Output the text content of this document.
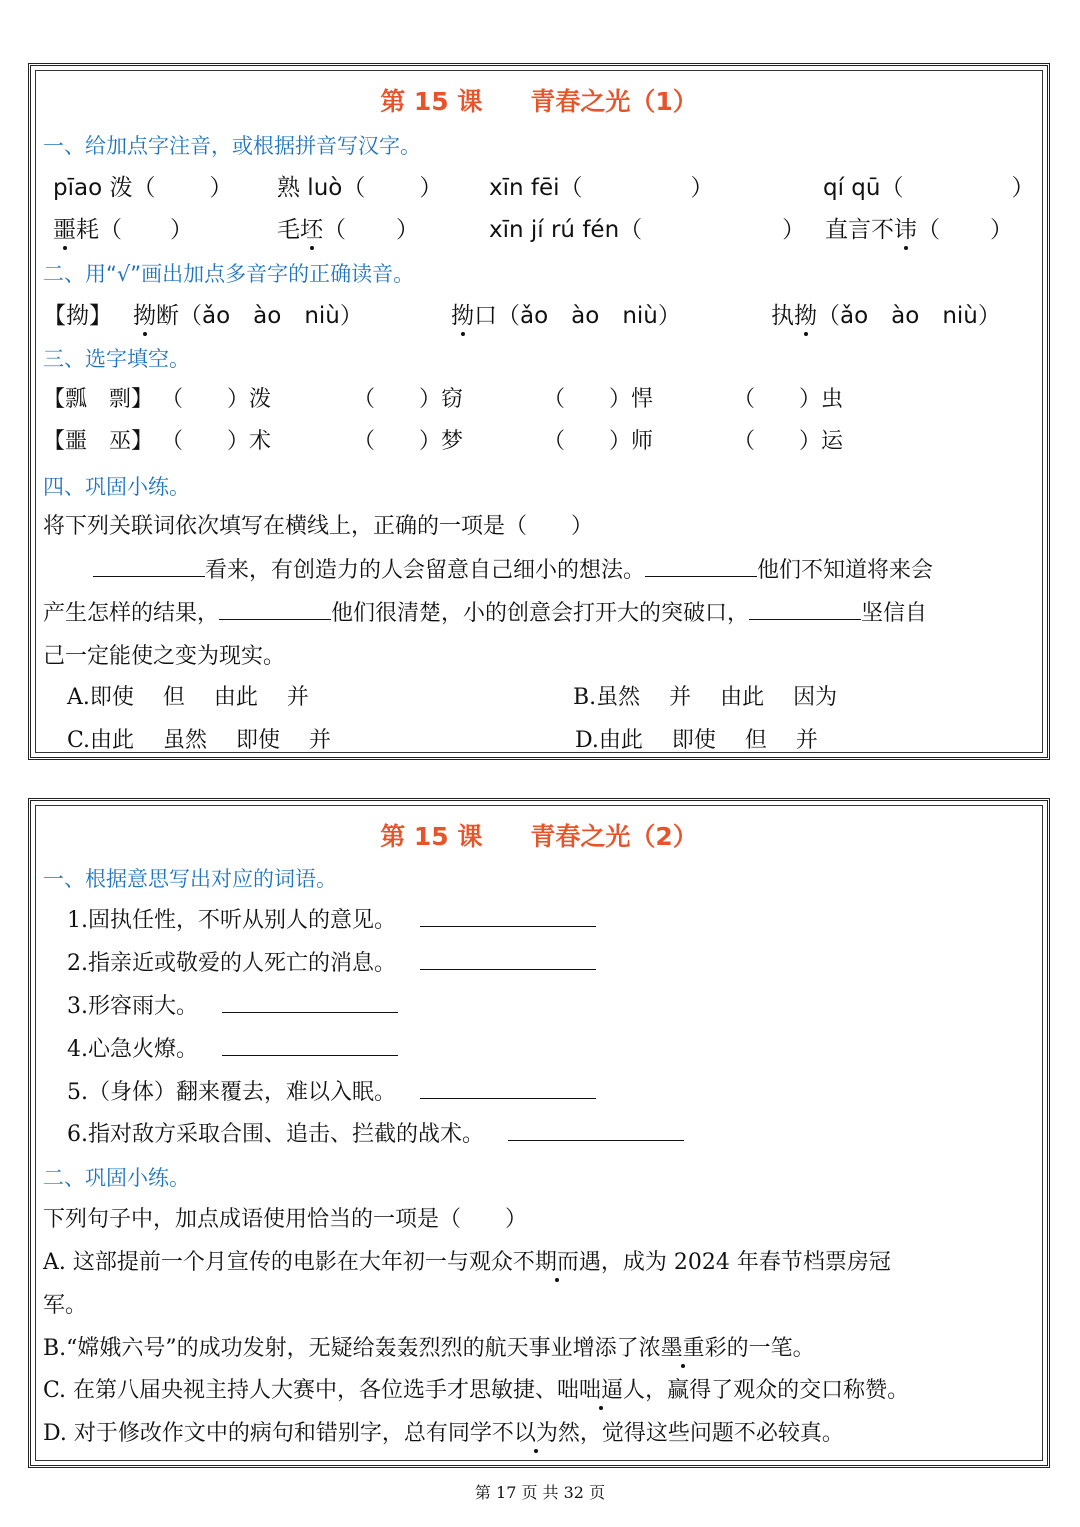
第 15 课 青春之光（1）
一、给加点字注音，或根据拼音写汉字。
pīao 泼（ ） 熟 luò（ ） xīn fēi（	）	qí qū（	）
噩耗（ ）	毛坯（ ）	xīn jí rú fén（	） 直言不讳（ ）
二、用“√”画出加点多音字的正确读音。
【拗】 拗断（ǎo　ào　niù）	拗口（ǎo　ào　niù）	执拗（ǎo　ào　niù）
三、选字填空。
【瓢　剽】 （　　）泼	（　　）窃	（　　）悍	（　　）虫
【噩　巫】 （　　）术	（　　）梦	（　　）师	（　　）运
四、巩固小练。
将下列关联词依次填写在横线上，正确的一项是（　　）
看来，有创造力的人会留意自己细小的想法。	他们不知道将来会
产生怎样的结果，	他们很清楚，小的创意会打开大的突破口，	坚信自
己一定能使之变为现实。
A.即使　 但　 由此　 并	B.虽然　 并　 由此　 因为
C.由此　 虽然　 即使　 并	D.由此　 即使　 但　 并
第 15 课 青春之光（2）
一、根据意思写出对应的词语。
1.固执任性，不听从别人的意见。
2.指亲近或敬爱的人死亡的消息。
3.形容雨大。
4.心急火燎。
5.（身体）翻来覆去，难以入眠。
6.指对敌方采取合围、追击、拦截的战术。
二、巩固小练。
下列句子中，加点成语使用恰当的一项是（　　）
A. 这部提前一个月宣传的电影在大年初一与观众不期而遇，成为 2024 年春节档票房冠
军。
B.“嫦娥六号”的成功发射，无疑给轰轰烈烈的航天事业增添了浓墨重彩的一笔。
C. 在第八届央视主持人大赛中，各位选手才思敏捷、咄咄逼人，赢得了观众的交口称赞。
D. 对于修改作文中的病句和错别字，总有同学不以为然，觉得这些问题不必较真。
第 17 页 共 32 页
